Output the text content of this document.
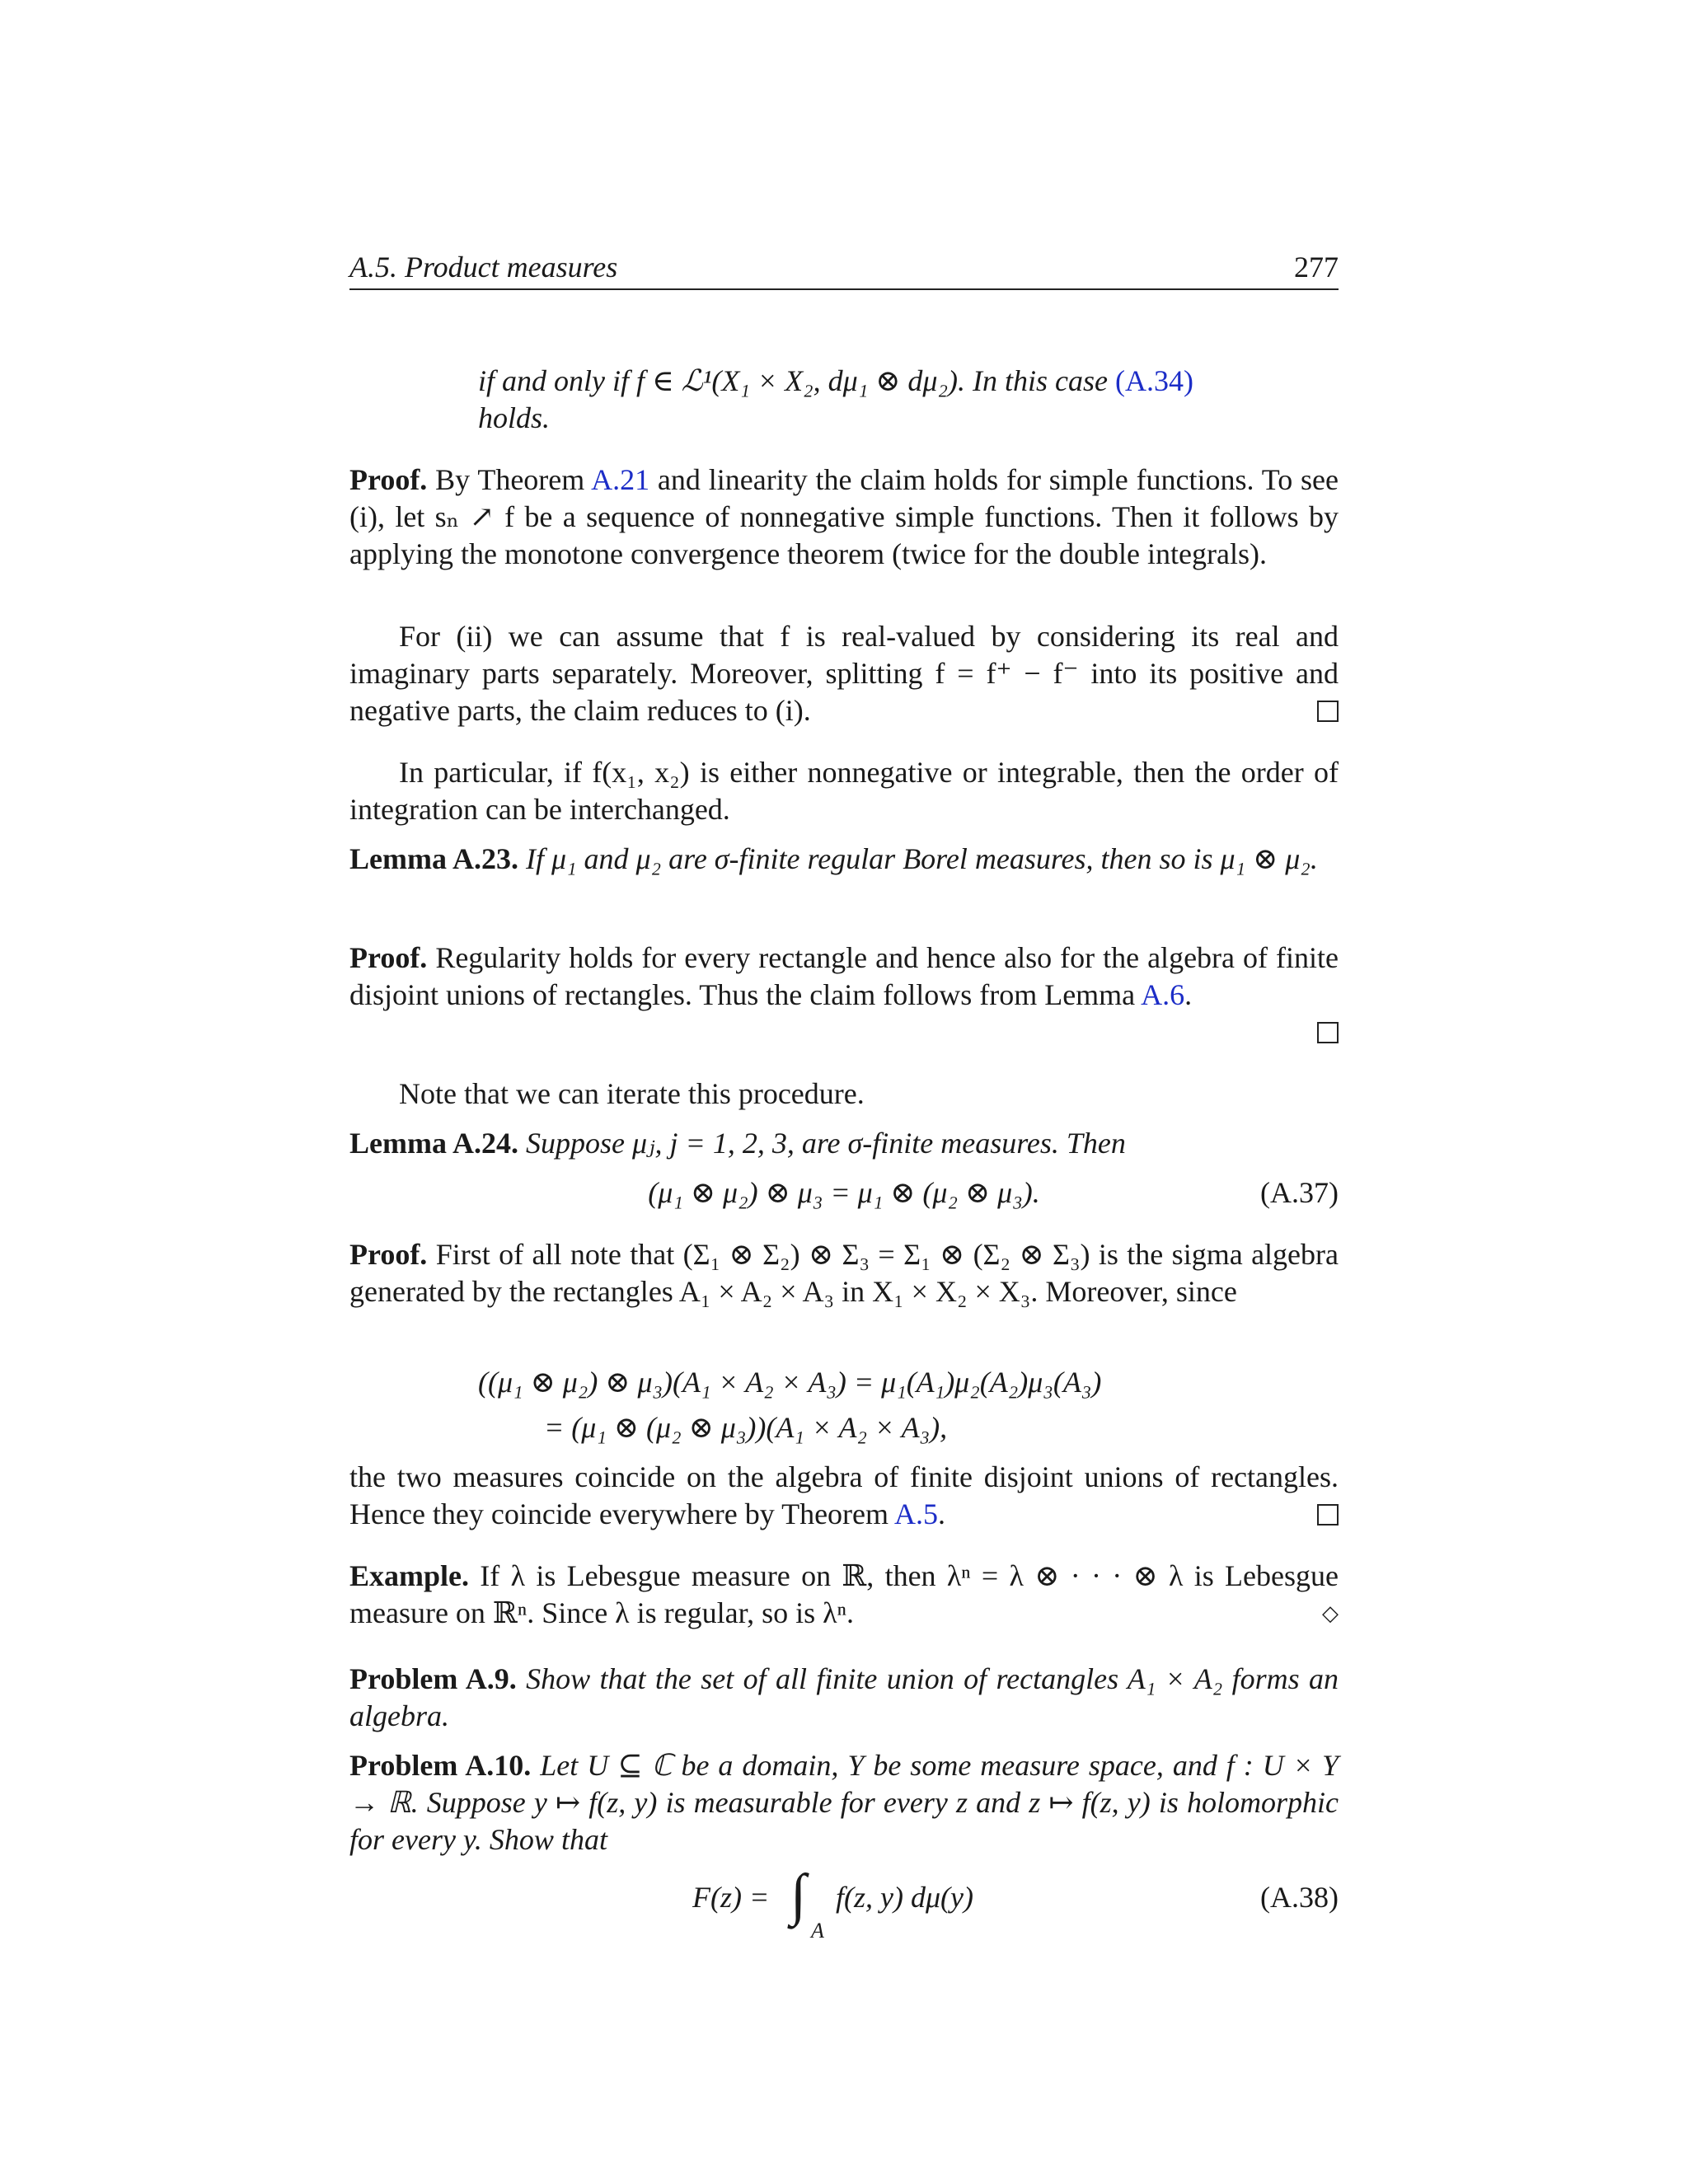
A.5. Product measures	277
if and only if f ∈ ℒ¹(X₁ × X₂, dμ₁ ⊗ dμ₂). In this case (A.34)
holds.
Proof. By Theorem A.21 and linearity the claim holds for simple functions. To see (i), let sₙ ↗ f be a sequence of nonnegative simple functions. Then it follows by applying the monotone convergence theorem (twice for the double integrals).
For (ii) we can assume that f is real-valued by considering its real and imaginary parts separately. Moreover, splitting f = f⁺ − f⁻ into its positive and negative parts, the claim reduces to (i).
In particular, if f(x₁, x₂) is either nonnegative or integrable, then the order of integration can be interchanged.
Lemma A.23. If μ₁ and μ₂ are σ-finite regular Borel measures, then so is μ₁ ⊗ μ₂.
Proof. Regularity holds for every rectangle and hence also for the algebra of finite disjoint unions of rectangles. Thus the claim follows from Lemma A.6.

Note that we can iterate this procedure.
Lemma A.24. Suppose μⱼ, j = 1, 2, 3, are σ-finite measures. Then
(μ₁ ⊗ μ₂) ⊗ μ₃ = μ₁ ⊗ (μ₂ ⊗ μ₃).	(A.37)
Proof. First of all note that (Σ₁ ⊗ Σ₂) ⊗ Σ₃ = Σ₁ ⊗ (Σ₂ ⊗ Σ₃) is the sigma algebra generated by the rectangles A₁ × A₂ × A₃ in X₁ × X₂ × X₃. Moreover, since
((μ₁ ⊗ μ₂) ⊗ μ₃)(A₁ × A₂ × A₃) = μ₁(A₁)μ₂(A₂)μ₃(A₃)
= (μ₁ ⊗ (μ₂ ⊗ μ₃))(A₁ × A₂ × A₃),
the two measures coincide on the algebra of finite disjoint unions of rectangles. Hence they coincide everywhere by Theorem A.5.
Example. If λ is Lebesgue measure on ℝ, then λⁿ = λ ⊗ · · · ⊗ λ is Lebesgue measure on ℝⁿ. Since λ is regular, so is λⁿ.	◇
Problem A.9. Show that the set of all finite union of rectangles A₁ × A₂ forms an algebra.
Problem A.10. Let U ⊆ ℂ be a domain, Y be some measure space, and f : U × Y → ℝ. Suppose y ↦ f(z, y) is measurable for every z and z ↦ f(z, y) is holomorphic for every y. Show that
F(z) = ∫
A
f(z, y) dμ(y)	(A.38)
